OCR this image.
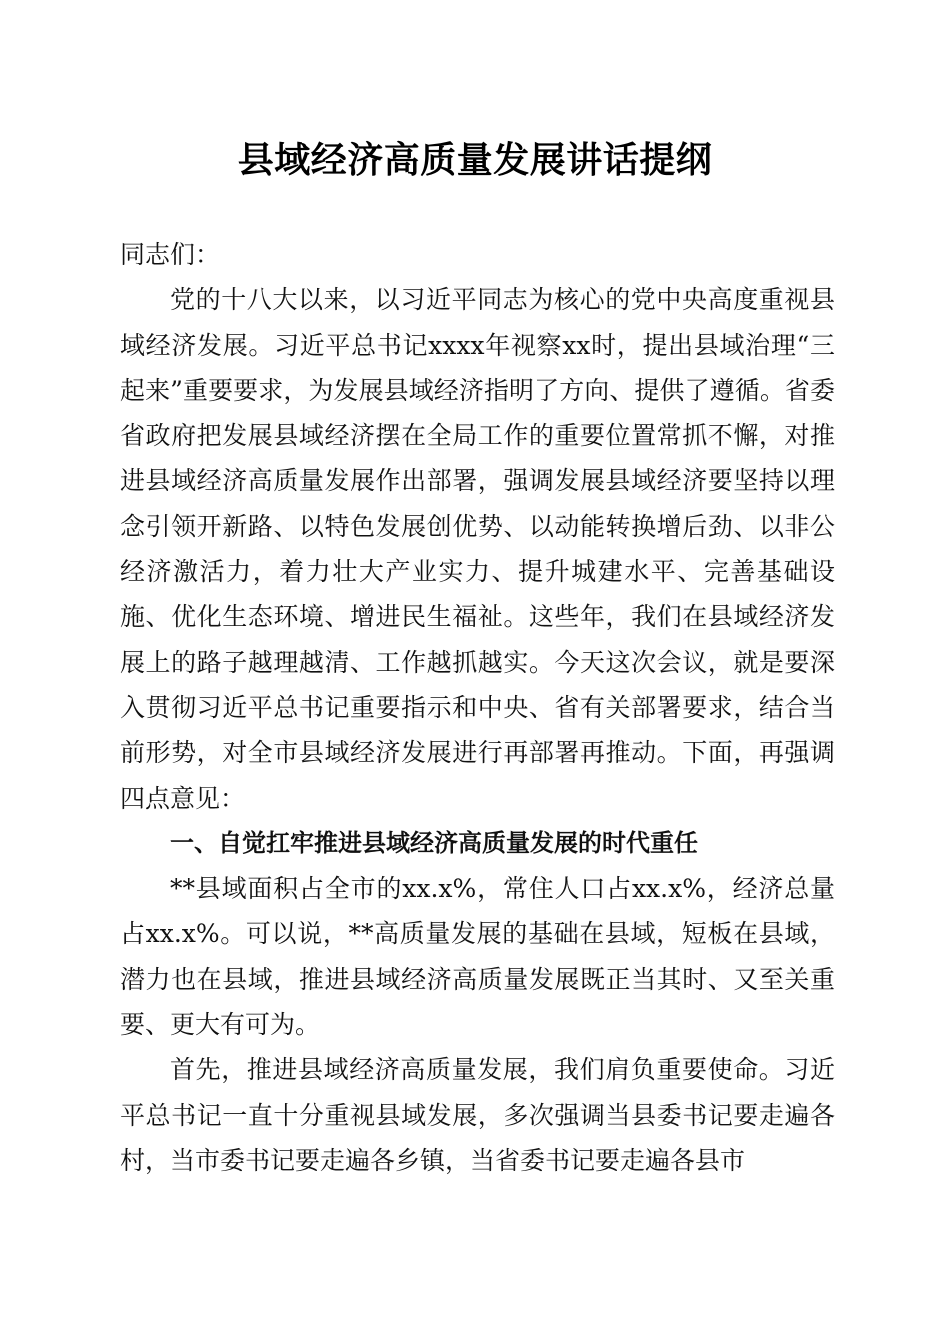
县域经济高质量发展讲话提纲

同志们：

党的十八大以来，以习近平同志为核心的党中央高度重视县域经济发展。习近平总书记xxxx年视察xx时，提出县域治理“三起来”重要要求，为发展县域经济指明了方向、提供了遵循。省委省政府把发展县域经济摆在全局工作的重要位置常抓不懈，对推进县域经济高质量发展作出部署，强调发展县域经济要坚持以理念引领开新路、以特色发展创优势、以动能转换增后劲、以非公经济激活力，着力壮大产业实力、提升城建水平、完善基础设施、优化生态环境、增进民生福祉。这些年，我们在县域经济发展上的路子越理越清、工作越抓越实。今天这次会议，就是要深入贯彻习近平总书记重要指示和中央、省有关部署要求，结合当前形势，对全市县域经济发展进行再部署再推动。下面，再强调四点意见：

一、自觉扛牢推进县域经济高质量发展的时代重任

**县域面积占全市的xx.x%，常住人口占xx.x%，经济总量占xx.x%。可以说，**高质量发展的基础在县域，短板在县域，潜力也在县域，推进县域经济高质量发展既正当其时、又至关重要、更大有可为。

首先，推进县域经济高质量发展，我们肩负重要使命。习近平总书记一直十分重视县域发展，多次强调当县委书记要走遍各村，当市委书记要走遍各乡镇，当省委书记要走遍各县市
